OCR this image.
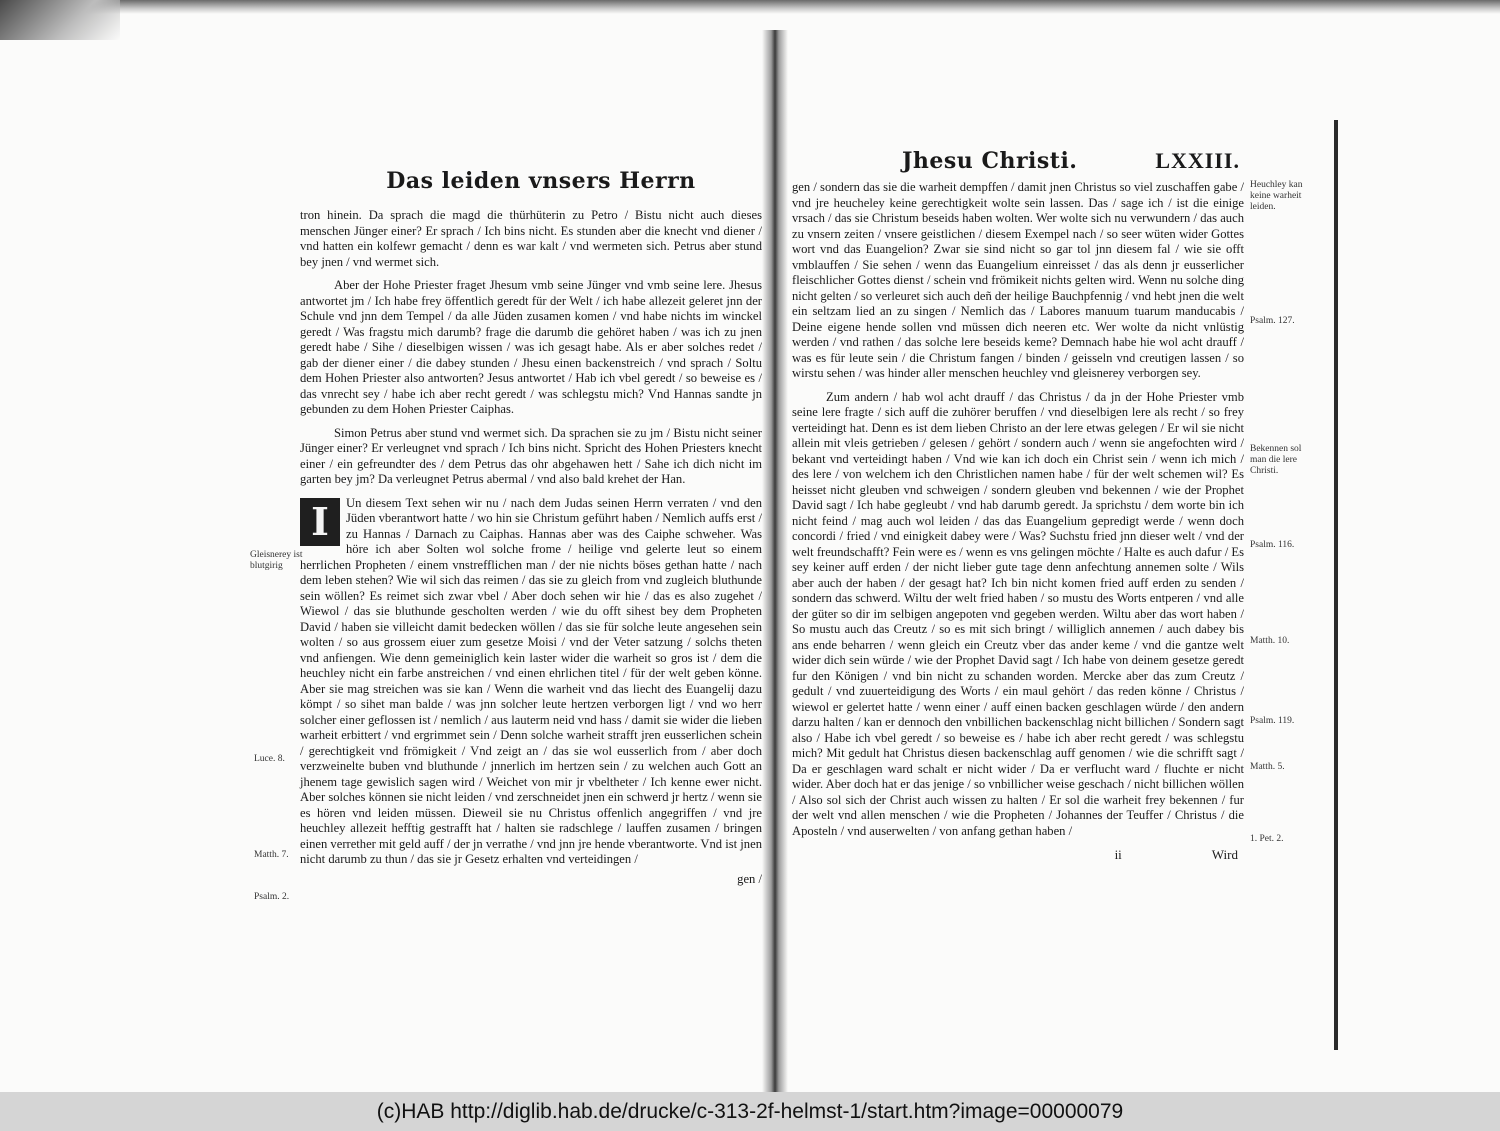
Das leiden vnsers Herrn

tron hinein. Da sprach die magd die thürhüterin zu Petro / Bistu nicht auch dieses menschen Jünger einer? Er sprach / Ich bins nicht. Es stunden aber die knecht vnd diener / vnd hatten ein kolfewr gemacht / denn es war kalt / vnd wermeten sich. Petrus aber stund bey jnen / vnd wermet sich.

Aber der Hohe Priester fraget Jhesum vmb seine Jünger vnd vmb seine lere. Jhesus antwortet jm / Ich habe frey öffentlich geredt für der Welt / ich habe allezeit geleret jnn der Schule vnd jnn dem Tempel / da alle Jüden zusamen komen / vnd habe nichts im winckel geredt / Was fragstu mich darumb? frage die darumb die gehöret haben / was ich zu jnen geredt habe / Sihe / dieselbigen wissen / was ich gesagt habe. Als er aber solches redet / gab der diener einer / die dabey stunden / Jhesu einen backenstreich / vnd sprach / Soltu dem Hohen Priester also antworten? Jesus antwortet / Hab ich vbel geredt / so beweise es / das vnrecht sey / habe ich aber recht geredt / was schlegstu mich? Vnd Hannas sandte jn gebunden zu dem Hohen Priester Caiphas.

Simon Petrus aber stund vnd wermet sich. Da sprachen sie zu jm / Bistu nicht seiner Jünger einer? Er verleugnet vnd sprach / Ich bins nicht. Spricht des Hohen Priesters knecht einer / ein gefreundter des / dem Petrus das ohr abgehawen hett / Sahe ich dich nicht im garten bey jm? Da verleugnet Petrus abermal / vnd also bald krehet der Han.

I	Un diesem Text sehen wir nu / nach dem Judas seinen Herrn verraten / vnd den Jüden vberantwort hatte / wo hin sie Christum geführt haben / Nemlich auffs erst / zu Hannas / Darnach zu Caiphas. Hannas aber was des Caiphe schweher. Was höre ich aber Solten wol solche frome / heilige vnd gelerte leut so einem herrlichen Propheten / einem vnstrefflichen man / der nie nichts böses gethan hatte / nach dem leben stehen? Wie wil sich das reimen / das sie zu gleich from vnd zugleich bluthunde sein wöllen? Es reimet sich zwar vbel / Aber doch sehen wir hie / das es also zugehet / Wiewol / das sie bluthunde gescholten werden / wie du offt sihest bey dem Propheten David / haben sie villeicht damit bedecken wöllen / das sie für solche leute angesehen sein wolten / so aus grossem eiuer zum gesetze Moisi / vnd der Veter satzung / solchs theten vnd anfiengen. Wie denn gemeiniglich kein laster wider die warheit so gros ist / dem die heuchley nicht ein farbe anstreichen / vnd einen ehrlichen titel / für der welt geben könne. Aber sie mag streichen was sie kan / Wenn die warheit vnd das liecht des Euangelij dazu kömpt / so sihet man balde / was jnn solcher leute hertzen verborgen ligt / vnd wo herr solcher einer geflossen ist / nemlich / aus lauterm neid vnd hass / damit sie wider die lieben warheit erbittert / vnd ergrimmet sein / Denn solche warheit strafft jren eusserlichen schein / gerechtigkeit vnd frömigkeit / Vnd zeigt an / das sie wol eusserlich from / aber doch verzweinelte buben vnd bluthunde / jnnerlich im hertzen sein / zu welchen auch Gott an jhenem tage gewislich sagen wird / Weichet von mir jr vbeltheter / Ich kenne ewer nicht. Aber solches können sie nicht leiden / vnd zerschneidet jnen ein schwerd jr hertz / wenn sie es hören vnd leiden müssen. Dieweil sie nu Christus offenlich angegriffen / vnd jre heuchley allezeit hefftig gestrafft hat / halten sie radschlege / lauffen zusamen / bringen einen verrether mit geld auff / der jn verrathe / vnd jnn jre hende vberantworte. Vnd ist jnen nicht darumb zu thun / das sie jr Gesetz erhalten vnd verteidingen /

gen /
Gleisnerey ist blutgirig
Luce. 8.
Matth. 7.
Psalm. 2.
Jhesu Christi.	LXXIII.

gen / sondern das sie die warheit dempffen / damit jnen Christus so viel zuschaffen gabe / vnd jre heucheley keine gerechtigkeit wolte sein lassen. Das / sage ich / ist die einige vrsach / das sie Christum beseids haben wolten. Wer wolte sich nu verwundern / das auch zu vnsern zeiten / vnsere geistlichen / diesem Exempel nach / so seer wüten wider Gottes wort vnd das Euangelion? Zwar sie sind nicht so gar tol jnn diesem fal / wie sie offt vmblauffen / Sie sehen / wenn das Euangelium einreisset / das als denn jr eusserlicher fleischlicher Gottes dienst / schein vnd frömikeit nichts gelten wird. Wenn nu solche ding nicht gelten / so verleuret sich auch deñ der heilige Bauchpfennig / vnd hebt jnen die welt ein seltzam lied an zu singen / Nemlich das / Labores manuum tuarum manducabis / Deine eigene hende sollen vnd müssen dich neeren etc. Wer wolte da nicht vnlüstig werden / vnd rathen / das solche lere beseids keme? Demnach habe hie wol acht drauff / was es für leute sein / die Christum fangen / binden / geisseln vnd creutigen lassen / so wirstu sehen / was hinder aller menschen heuchley vnd gleisnerey verborgen sey.

Zum andern / hab wol acht drauff / das Christus / da jn der Hohe Priester vmb seine lere fragte / sich auff die zuhörer beruffen / vnd dieselbigen lere als recht / so frey verteidingt hat. Denn es ist dem lieben Christo an der lere etwas gelegen / Er wil sie nicht allein mit vleis getrieben / gelesen / gehört / sondern auch / wenn sie angefochten wird / bekant vnd verteidingt haben / Vnd wie kan ich doch ein Christ sein / wenn ich mich / des lere / von welchem ich den Christlichen namen habe / für der welt schemen wil? Es heisset nicht gleuben vnd schweigen / sondern gleuben vnd bekennen / wie der Prophet David sagt / Ich habe gegleubt / vnd hab darumb geredt. Ja sprichstu / dem worte bin ich nicht feind / mag auch wol leiden / das das Euangelium gepredigt werde / wenn doch concordi / fried / vnd einigkeit dabey were / Was? Suchstu fried jnn dieser welt / vnd der welt freundschafft? Fein were es / wenn es vns gelingen möchte / Halte es auch dafur / Es sey keiner auff erden / der nicht lieber gute tage denn anfechtung annemen solte / Wils aber auch der haben / der gesagt hat? Ich bin nicht komen fried auff erden zu senden / sondern das schwerd. Wiltu der welt fried haben / so mustu des Worts entperen / vnd alle der güter so dir im selbigen angepoten vnd gegeben werden. Wiltu aber das wort haben / So mustu auch das Creutz / so es mit sich bringt / williglich annemen / auch dabey bis ans ende beharren / wenn gleich ein Creutz vber das ander keme / vnd die gantze welt wider dich sein würde / wie der Prophet David sagt / Ich habe von deinem gesetze geredt fur den Königen / vnd bin nicht zu schanden worden. Mercke aber das zum Creutz / gedult / vnd zuuerteidigung des Worts / ein maul gehört / das reden könne / Christus / wiewol er gelertet hatte / wenn einer / auff einen backen geschlagen würde / den andern darzu halten / kan er dennoch den vnbillichen backenschlag nicht billichen / Sondern sagt also / Habe ich vbel geredt / so beweise es / habe ich aber recht geredt / was schlegstu mich? Mit gedult hat Christus diesen backenschlag auff genomen / wie die schrifft sagt / Da er geschlagen ward schalt er nicht wider / Da er verflucht ward / fluchte er nicht wider. Aber doch hat er das jenige / so vnbillicher weise geschach / nicht billichen wöllen / Also sol sich der Christ auch wissen zu halten / Er sol die warheit frey bekennen / fur der welt vnd allen menschen / wie die Propheten / Johannes der Teuffer / Christus / die Aposteln / vnd auserwelten / von anfang gethan haben /

ii	Wird
Heuchley kan keine warheit leiden.
Psalm. 127.
Bekennen sol man die lere Christi.
Psalm. 116.
Matth. 10.
Psalm. 119.
Matth. 5.
1. Pet. 2.
(c)HAB http://diglib.hab.de/drucke/c-313-2f-helmst-1/start.htm?image=00000079
